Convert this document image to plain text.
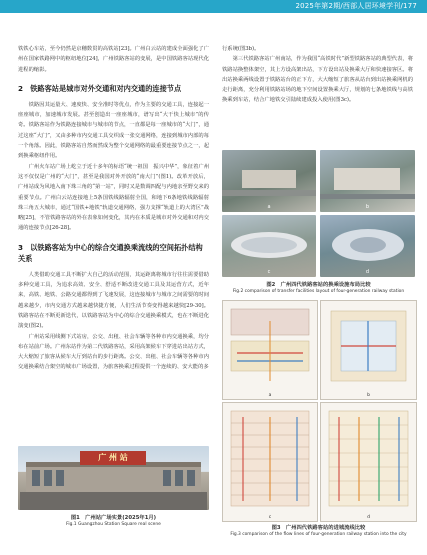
2025年第2期/西部人居环境学刊/177

铁铁心车站，至今仍然是京穗数贯的高铁站[23]。广州白云站的建成全面强化了广州在国家铁路网中的枢纽地位[24]，广州铁路客站的变展，是中国铁路客站现代化进程的缩影。

2　铁路客站是城市对外交通和对内交通的连接节点

铁路因其运量大、速度快、安全准时等优点，作为主要的交通工具，连接起一座座城市，加速城市发展。甚至创造出一座座城市，谱写出“大干快上城市”的传奇。铁路客站作为铁路连接城市与城市的节点，一直都是每一座城市的“大门”，通过这座“大门”，又由多种市内交通工具交织成一张交通网络，连接到城市内部的每一个角落。因此，铁路客站自然而然成为整个交通网络的最重要连接节点之一，起到换乘枢纽作用。

广州火车站广场上屹立于近十多年的标语“统一祖国　振兴中华”，象征着广州这不仅仅是广州的“大门”，甚至是我国对外开放的“南大门”(图1)。改革开放后，广州站成为风地入南下珠三角的“第一站”，同时又是数调四配与内地亲至野交来的重要节点。广州白云站连接地上5条国铁线路辐射全国，和地下6条地铁线路辐射珠三角五大城市，通过“国铁+地铁”轨道交通网络，强力支撑“轨道上的大湾区”战略[25]，不管铁路客站的外在表象如何变化，其内在本质是城市对外交通和对内交通的连接节点[26-28]。

3　以铁路客站为中心的综合交通换乘流线的空间拓扑结构关系

人类借助交通工具不断扩大自己的活动范围，其运距离将城市行往往需要借助多种交通工具，为追求高效、安全、舒适不断改进交通工具及其运营方式，近年来，高铁、地铁、公路交通都得到了飞速发展，这连接城市与城市之间需要的时间越来越少，市内交通方式越来越快捷方便，人们生活节奏变得越来越快[29-30]。铁路客站在不断更新迭代，以铁路客站为中心的综合交通换乘模式，也在不断进化演变(图2)。

广州站采用线侧下式站房，公交、出租、社会车辆等各种市内交通换乘，均分布在站前广场。广州东站作为第二代铁路客站，采用高架候车下穿进站出站方式，大大缩短了旅客从候车大厅到站台的步行距离。公交、出租、社会车辆等各种市内交通换乘结合架空的城市广场设置，为旅客换乘过程提供一个连续的、安大能的多

广 州 站
图1　广州站广场实景(2025年1月)
Fig.1 Guangzhou Station Square real scene

行系统(图3b)。

第三代铁路客站广州南站，作为我国“高铁时代”新型铁路客站的典型代表，将铁路站换整体架空，其上方设高架出站，下方设出站及换乘大厅和快速接客区。将出站换乘两线设置于铁路站台的正下方，大大缩短了旅客从站台到出站换乘网机的走行距离，充分利用铁路站场的地下空间设置换乘大厅，规划的七条地铁线与高铁换乘到车站，结合广地铁交引陆续建成投入使用(图3c)。

a	b
c	d
图2　广州四代铁路客站的换乘设施布局比较
Fig.2 comparison of transfer facilities layout of four-generation railway station
a	b
c	d
图3　广州四代铁路客站的进城流线比较
Fig.3 comparison of the flow lines of four-generation railway station into the city
